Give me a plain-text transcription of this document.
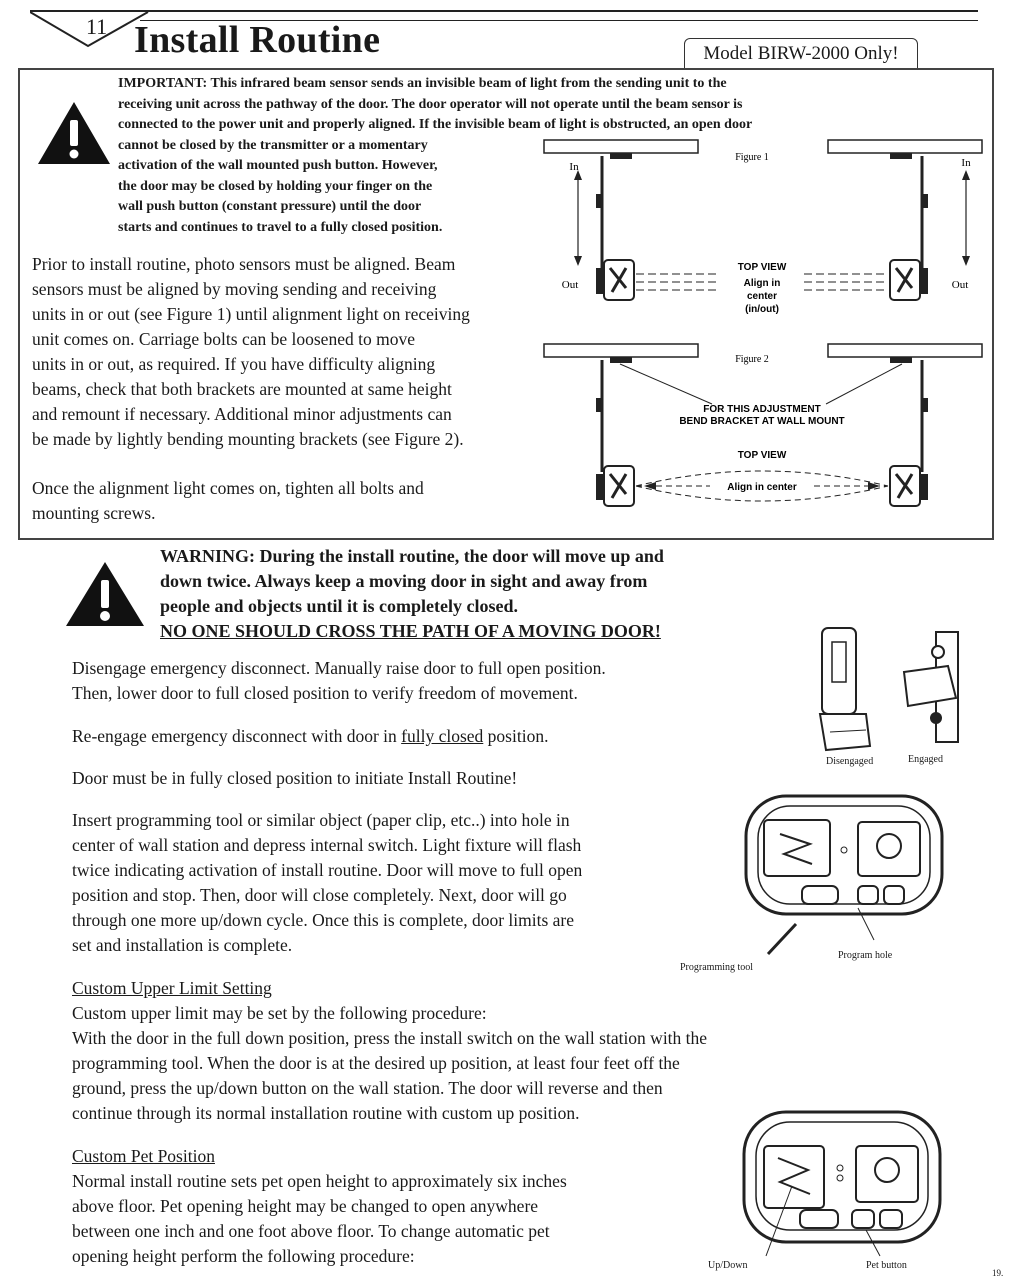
11 Install Routine	Model BIRW-2000 Only!
IMPORTANT: This infrared beam sensor sends an invisible beam of light from the sending unit to the
receiving unit across the pathway of the door. The door operator will not operate until the beam sensor is
connected to the power unit and properly aligned. If the invisible beam of light is obstructed, an open door
cannot be closed by the transmitter or a momentary
activation of the wall mounted push button. However,
the door may be closed by holding your finger on the
wall push button (constant pressure) until the door
starts and continues to travel to a fully closed position.
Prior to install routine, photo sensors must be aligned. Beam
sensors must be aligned by moving sending and receiving
units in or out (see Figure 1) until alignment light on receiving
unit comes on. Carriage bolts can be loosened to move
units in or out, as required. If you have difficulty aligning
beams, check that both brackets are mounted at same height
and remount if necessary. Additional minor adjustments can
be made by lightly bending mounting brackets (see Figure 2).
Once the alignment light comes on, tighten all bolts and
mounting screws.
Figure 1
In	In
Out	Out
TOP VIEW
Align in
center
(in/out)
Figure 2
FOR THIS ADJUSTMENT
BEND BRACKET AT WALL MOUNT
TOP VIEW
Align in center
WARNING: During the install routine, the door will move up and
down twice. Always keep a moving door in sight and away from
people and objects until it is completely closed.
NO ONE SHOULD CROSS THE PATH OF A MOVING DOOR!
Disengage emergency disconnect. Manually raise door to full open position.
Then, lower door to full closed position to verify freedom of movement.
Re-engage emergency disconnect with door in fully closed position.
Door must be in fully closed position to initiate Install Routine!
Insert programming tool or similar object (paper clip, etc..) into hole in
center of wall station and depress internal switch. Light fixture will flash
twice indicating activation of install routine. Door will move to full open
position and stop. Then, door will close completely. Next, door will go
through one more up/down cycle. Once this is complete, door limits are
set and installation is complete.
Disengaged	Engaged
Program hole
Programming tool
Custom Upper Limit Setting
Custom upper limit may be set by the following procedure:
With the door in the full down position, press the install switch on the wall station with the
programming tool. When the door is at the desired up position, at least four feet off the
ground, press the up/down button on the wall station. The door will reverse and then
continue through its normal installation routine with custom up position.
Custom Pet Position
Normal install routine sets pet open height to approximately six inches
above floor. Pet opening height may be changed to open anywhere
between one inch and one foot above floor. To change automatic pet
opening height perform the following procedure:	Up/Down	Pet button
19.
